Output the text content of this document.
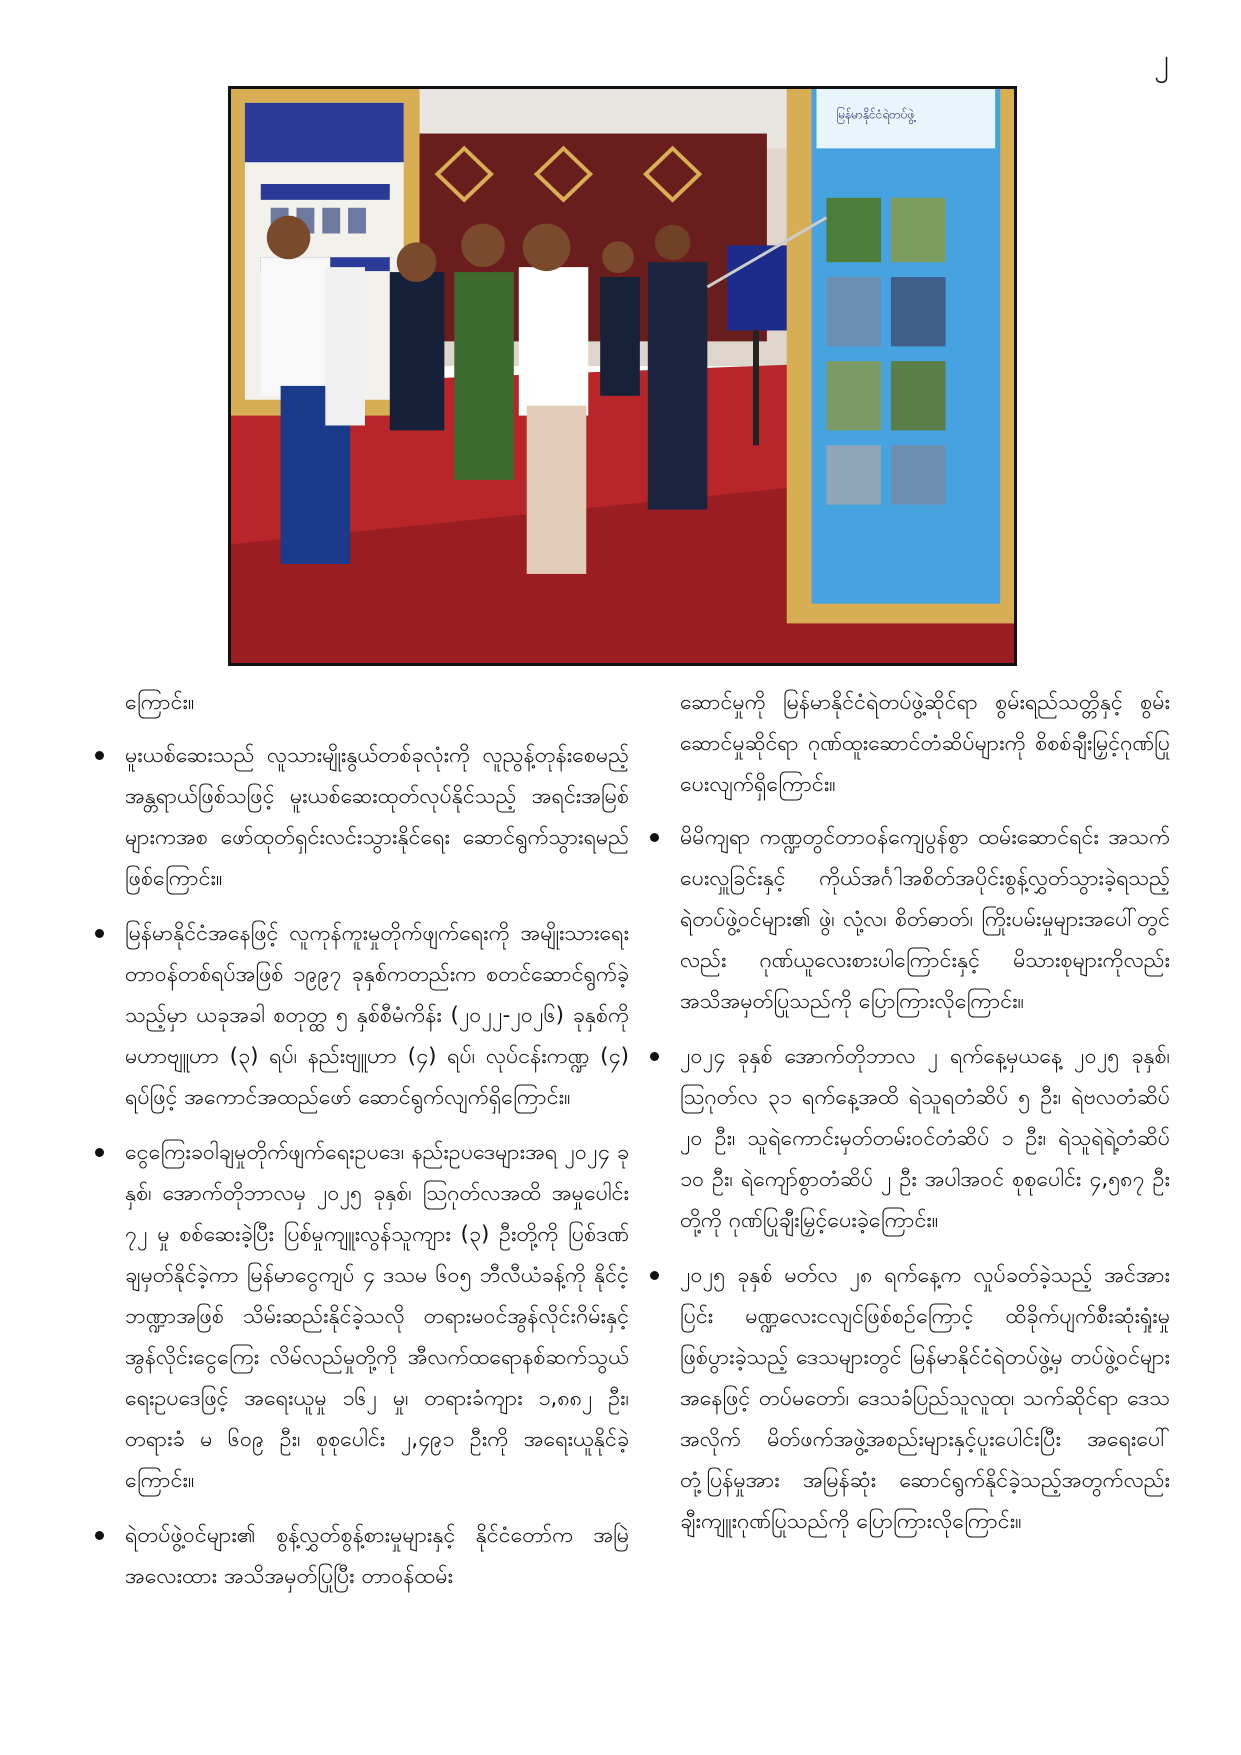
၂
မြန်မာနိုင်ငံရဲတပ်ဖွဲ့

ကြောင်း။

မူးယစ်ဆေးသည် လူသားမျိုးနွယ်တစ်ခုလုံးကို လူညွန့်တုန်းစေမည့် အန္တရာယ်ဖြစ်သဖြင့် မူးယစ်ဆေးထုတ်လုပ်နိုင်သည့် အရင်းအမြစ်များကအစ ဖော်ထုတ်ရှင်းလင်းသွားနိုင်ရေး ဆောင်ရွက်သွားရမည်ဖြစ်ကြောင်း။
မြန်မာနိုင်ငံအနေဖြင့် လူကုန်ကူးမှုတိုက်ဖျက်ရေးကို အမျိုးသားရေးတာဝန်တစ်ရပ်အဖြစ် ၁၉၉၇ ခုနှစ်ကတည်းက စတင်ဆောင်ရွက်ခဲ့သည့်မှာ ယခုအခါ စတုတ္ထ ၅ နှစ်စီမံကိန်း (၂၀၂၂-၂၀၂၆) ခုနှစ်ကို မဟာဗျူဟာ (၃) ရပ်၊ နည်းဗျူဟာ (၄) ရပ်၊ လုပ်ငန်းကဏ္ဍ (၄) ရပ်ဖြင့် အကောင်အထည်ဖော် ဆောင်ရွက်လျက်ရှိကြောင်း။
ငွေကြေးခဝါချမှုတိုက်ဖျက်ရေးဥပဒေ၊ နည်းဥပဒေများအရ ၂၀၂၄ ခုနှစ်၊ အောက်တိုဘာလမှ ၂၀၂၅ ခုနှစ်၊ ဩဂုတ်လအထိ အမှုပေါင်း ၇၂ မှု စစ်ဆေးခဲ့ပြီး ပြစ်မှုကျူးလွန်သူကျား (၃) ဦးတို့ကို ပြစ်ဒဏ်ချမှတ်နိုင်ခဲ့ကာ မြန်မာငွေကျပ် ၄ ဒသမ ၆၀၅ ဘီလီယံခန့်ကို နိုင်ငံ့ဘဏ္ဍာအဖြစ် သိမ်းဆည်းနိုင်ခဲ့သလို တရားမဝင်အွန်လိုင်းဂိမ်းနှင့် အွန်လိုင်းငွေကြေး လိမ်လည်မှုတို့ကို အီလက်ထရောနစ်ဆက်သွယ်ရေးဥပဒေဖြင့် အရေးယူမှု ၁၆၂ မှု၊ တရားခံကျား ၁,၈၈၂ ဦး၊ တရားခံ မ ၆၀၉ ဦး၊ စုစုပေါင်း ၂,၄၉၁ ဦးကို အရေးယူနိုင်ခဲ့ကြောင်း။
ရဲတပ်ဖွဲ့ဝင်များ၏ စွန့်လွှတ်စွန့်စားမှုများနှင့် နိုင်ငံတော်က အမြဲအလေးထား အသိအမှတ်ပြုပြီး တာဝန်ထမ်း

ဆောင်မှုကို မြန်မာနိုင်ငံရဲတပ်ဖွဲ့ဆိုင်ရာ စွမ်းရည်သတ္တိနှင့် စွမ်းဆောင်မှုဆိုင်ရာ ဂုဏ်ထူးဆောင်တံဆိပ်များကို စိစစ်ချီးမြှင့်ဂုဏ်ပြုပေးလျက်ရှိကြောင်း။

မိမိကျရာ ကဏ္ဍတွင်တာဝန်ကျေပွန်စွာ ထမ်းဆောင်ရင်း အသက်ပေးလှူခြင်းနှင့် ကိုယ်အင်္ဂါအစိတ်အပိုင်းစွန့်လွှတ်သွားခဲ့ရသည့် ရဲတပ်ဖွဲ့ဝင်များ၏ ဖွဲ၊ လုံ့လ၊ စိတ်ဓာတ်၊ ကြိုးပမ်းမှုများအပေါ်တွင်လည်း ဂုဏ်ယူလေးစားပါကြောင်းနှင့် မိသားစုများကိုလည်း အသိအမှတ်ပြုသည်ကို ပြောကြားလိုကြောင်း။
၂၀၂၄ ခုနှစ် အောက်တိုဘာလ ၂ ရက်နေ့မှယနေ့ ၂၀၂၅ ခုနှစ်၊ ဩဂုတ်လ ၃၁ ရက်နေ့အထိ ရဲသူရတံဆိပ် ၅ ဦး၊ ရဲဗလတံဆိပ် ၂၀ ဦး၊ သူရဲကောင်းမှတ်တမ်းဝင်တံဆိပ် ၁ ဦး၊ ရဲသူရဲရဲ့တံဆိပ် ၁၀ ဦး၊ ရဲကျော်စွာတံဆိပ် ၂ ဦး အပါအဝင် စုစုပေါင်း ၄,၅၈၇ ဦးတို့ကို ဂုဏ်ပြုချီးမြှင့်ပေးခဲ့ကြောင်း။
၂၀၂၅ ခုနှစ် မတ်လ ၂၈ ရက်နေ့က လှုပ်ခတ်ခဲ့သည့် အင်အားပြင်း မဏ္ဍလေးငလျင်ဖြစ်စဉ်ကြောင့် ထိခိုက်ပျက်စီးဆုံးရှုံးမှုဖြစ်ပွားခဲ့သည့် ဒေသများတွင် မြန်မာနိုင်ငံရဲတပ်ဖွဲ့မှ တပ်ဖွဲ့ဝင်များအနေဖြင့် တပ်မတော်၊ ဒေသခံပြည်သူလူထု၊ သက်ဆိုင်ရာ ဒေသအလိုက် မိတ်ဖက်အဖွဲ့အစည်းများနှင့်ပူးပေါင်းပြီး အရေးပေါ်တုံ့ပြန်မှုအား အမြန်ဆုံး ဆောင်ရွက်နိုင်ခဲ့သည့်အတွက်လည်း ချီးကျူးဂုဏ်ပြုသည်ကို ပြောကြားလိုကြောင်း။
